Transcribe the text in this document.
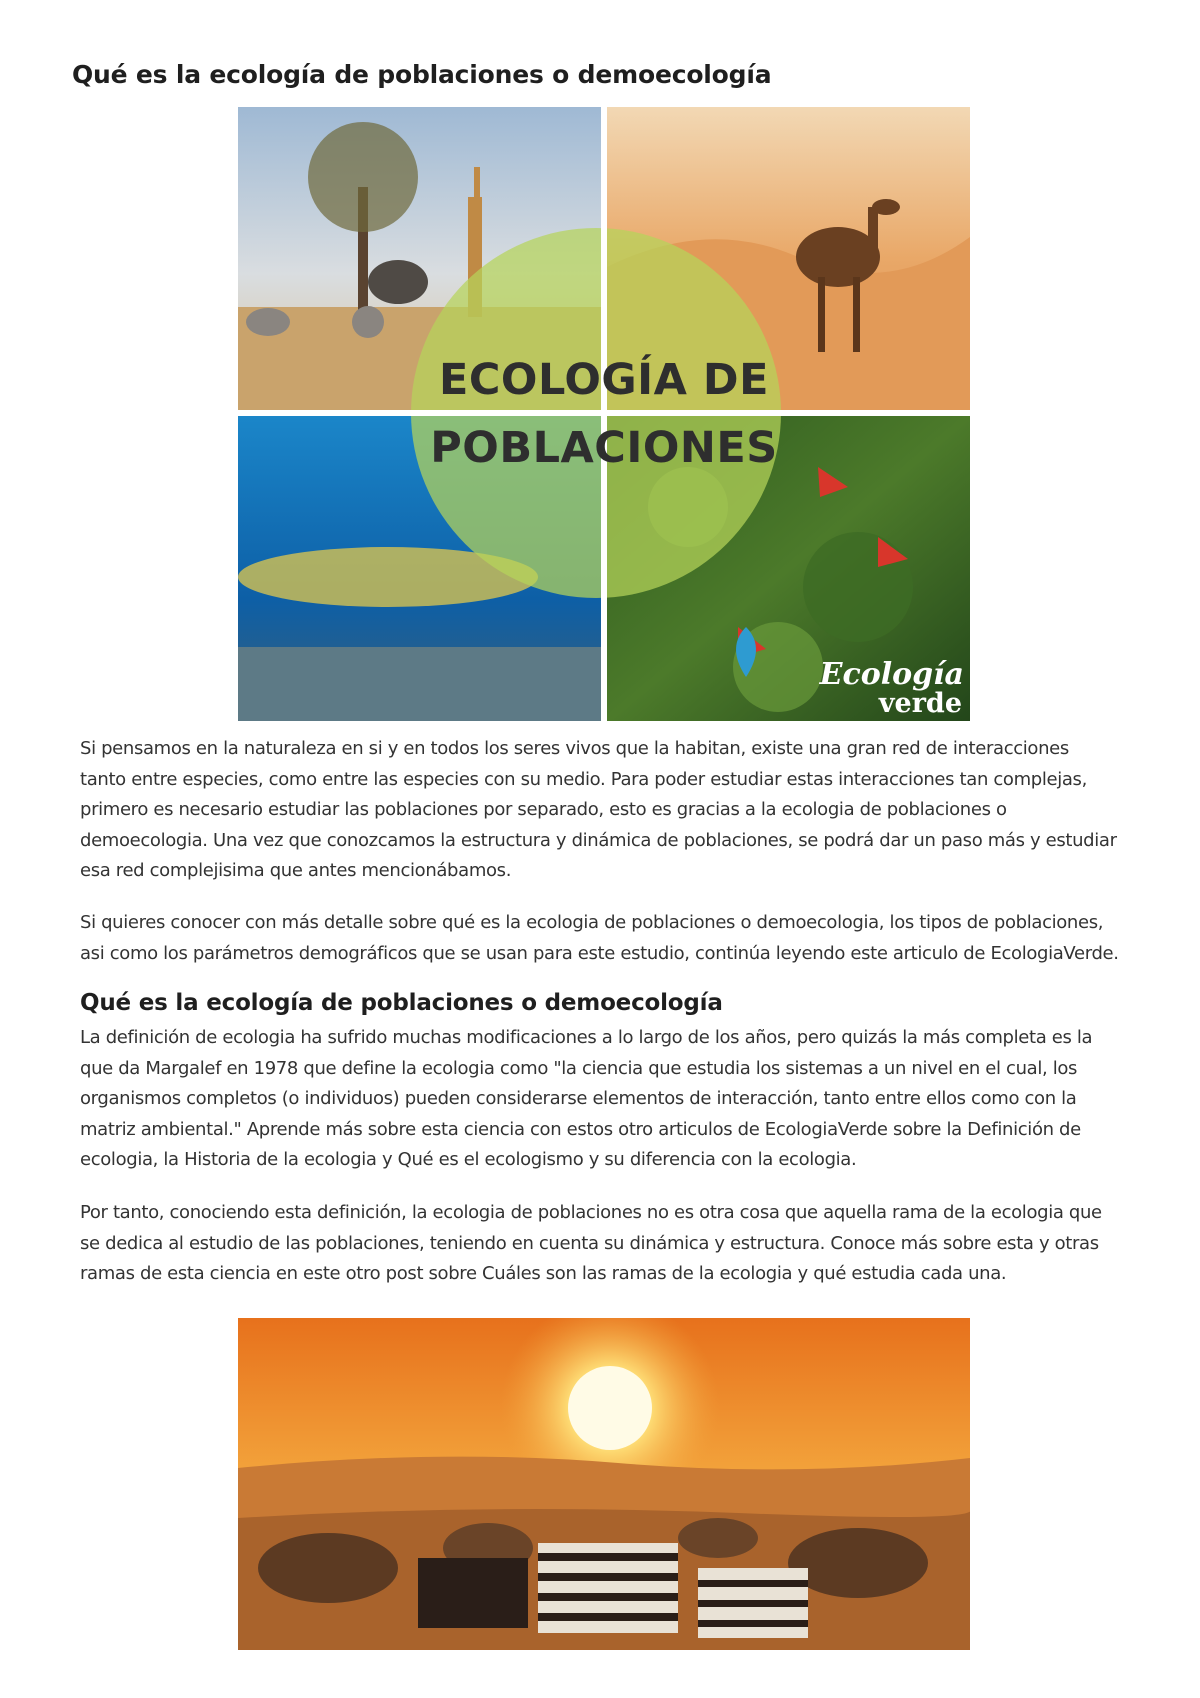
Qué es la ecología de poblaciones o demoecología
ECOLOGÍA DE
POBLACIONES
Ecología
verde

Si pensamos en la naturaleza en si y en todos los seres vivos que la habitan, existe una gran red de interacciones tanto entre especies, como entre las especies con su medio. Para poder estudiar estas interacciones tan complejas, primero es necesario estudiar las poblaciones por separado, esto es gracias a la ecologia de poblaciones o demoecologia. Una vez que conozcamos la estructura y dinámica de poblaciones, se podrá dar un paso más y estudiar esa red complejisima que antes mencionábamos.

Si quieres conocer con más detalle sobre qué es la ecologia de poblaciones o demoecologia, los tipos de poblaciones, asi como los parámetros demográficos que se usan para este estudio, continúa leyendo este articulo de EcologiaVerde.

Qué es la ecología de poblaciones o demoecología

La definición de ecologia ha sufrido muchas modificaciones a lo largo de los años, pero quizás la más completa es la que da Margalef en 1978 que define la ecologia como "la ciencia que estudia los sistemas a un nivel en el cual, los organismos completos (o individuos) pueden considerarse elementos de interacción, tanto entre ellos como con la matriz ambiental." Aprende más sobre esta ciencia con estos otro articulos de EcologiaVerde sobre la Definición de ecologia, la Historia de la ecologia y Qué es el ecologismo y su diferencia con la ecologia.

Por tanto, conociendo esta definición, la ecologia de poblaciones no es otra cosa que aquella rama de la ecologia que se dedica al estudio de las poblaciones, teniendo en cuenta su dinámica y estructura. Conoce más sobre esta y otras ramas de esta ciencia en este otro post sobre Cuáles son las ramas de la ecologia y qué estudia cada una.
